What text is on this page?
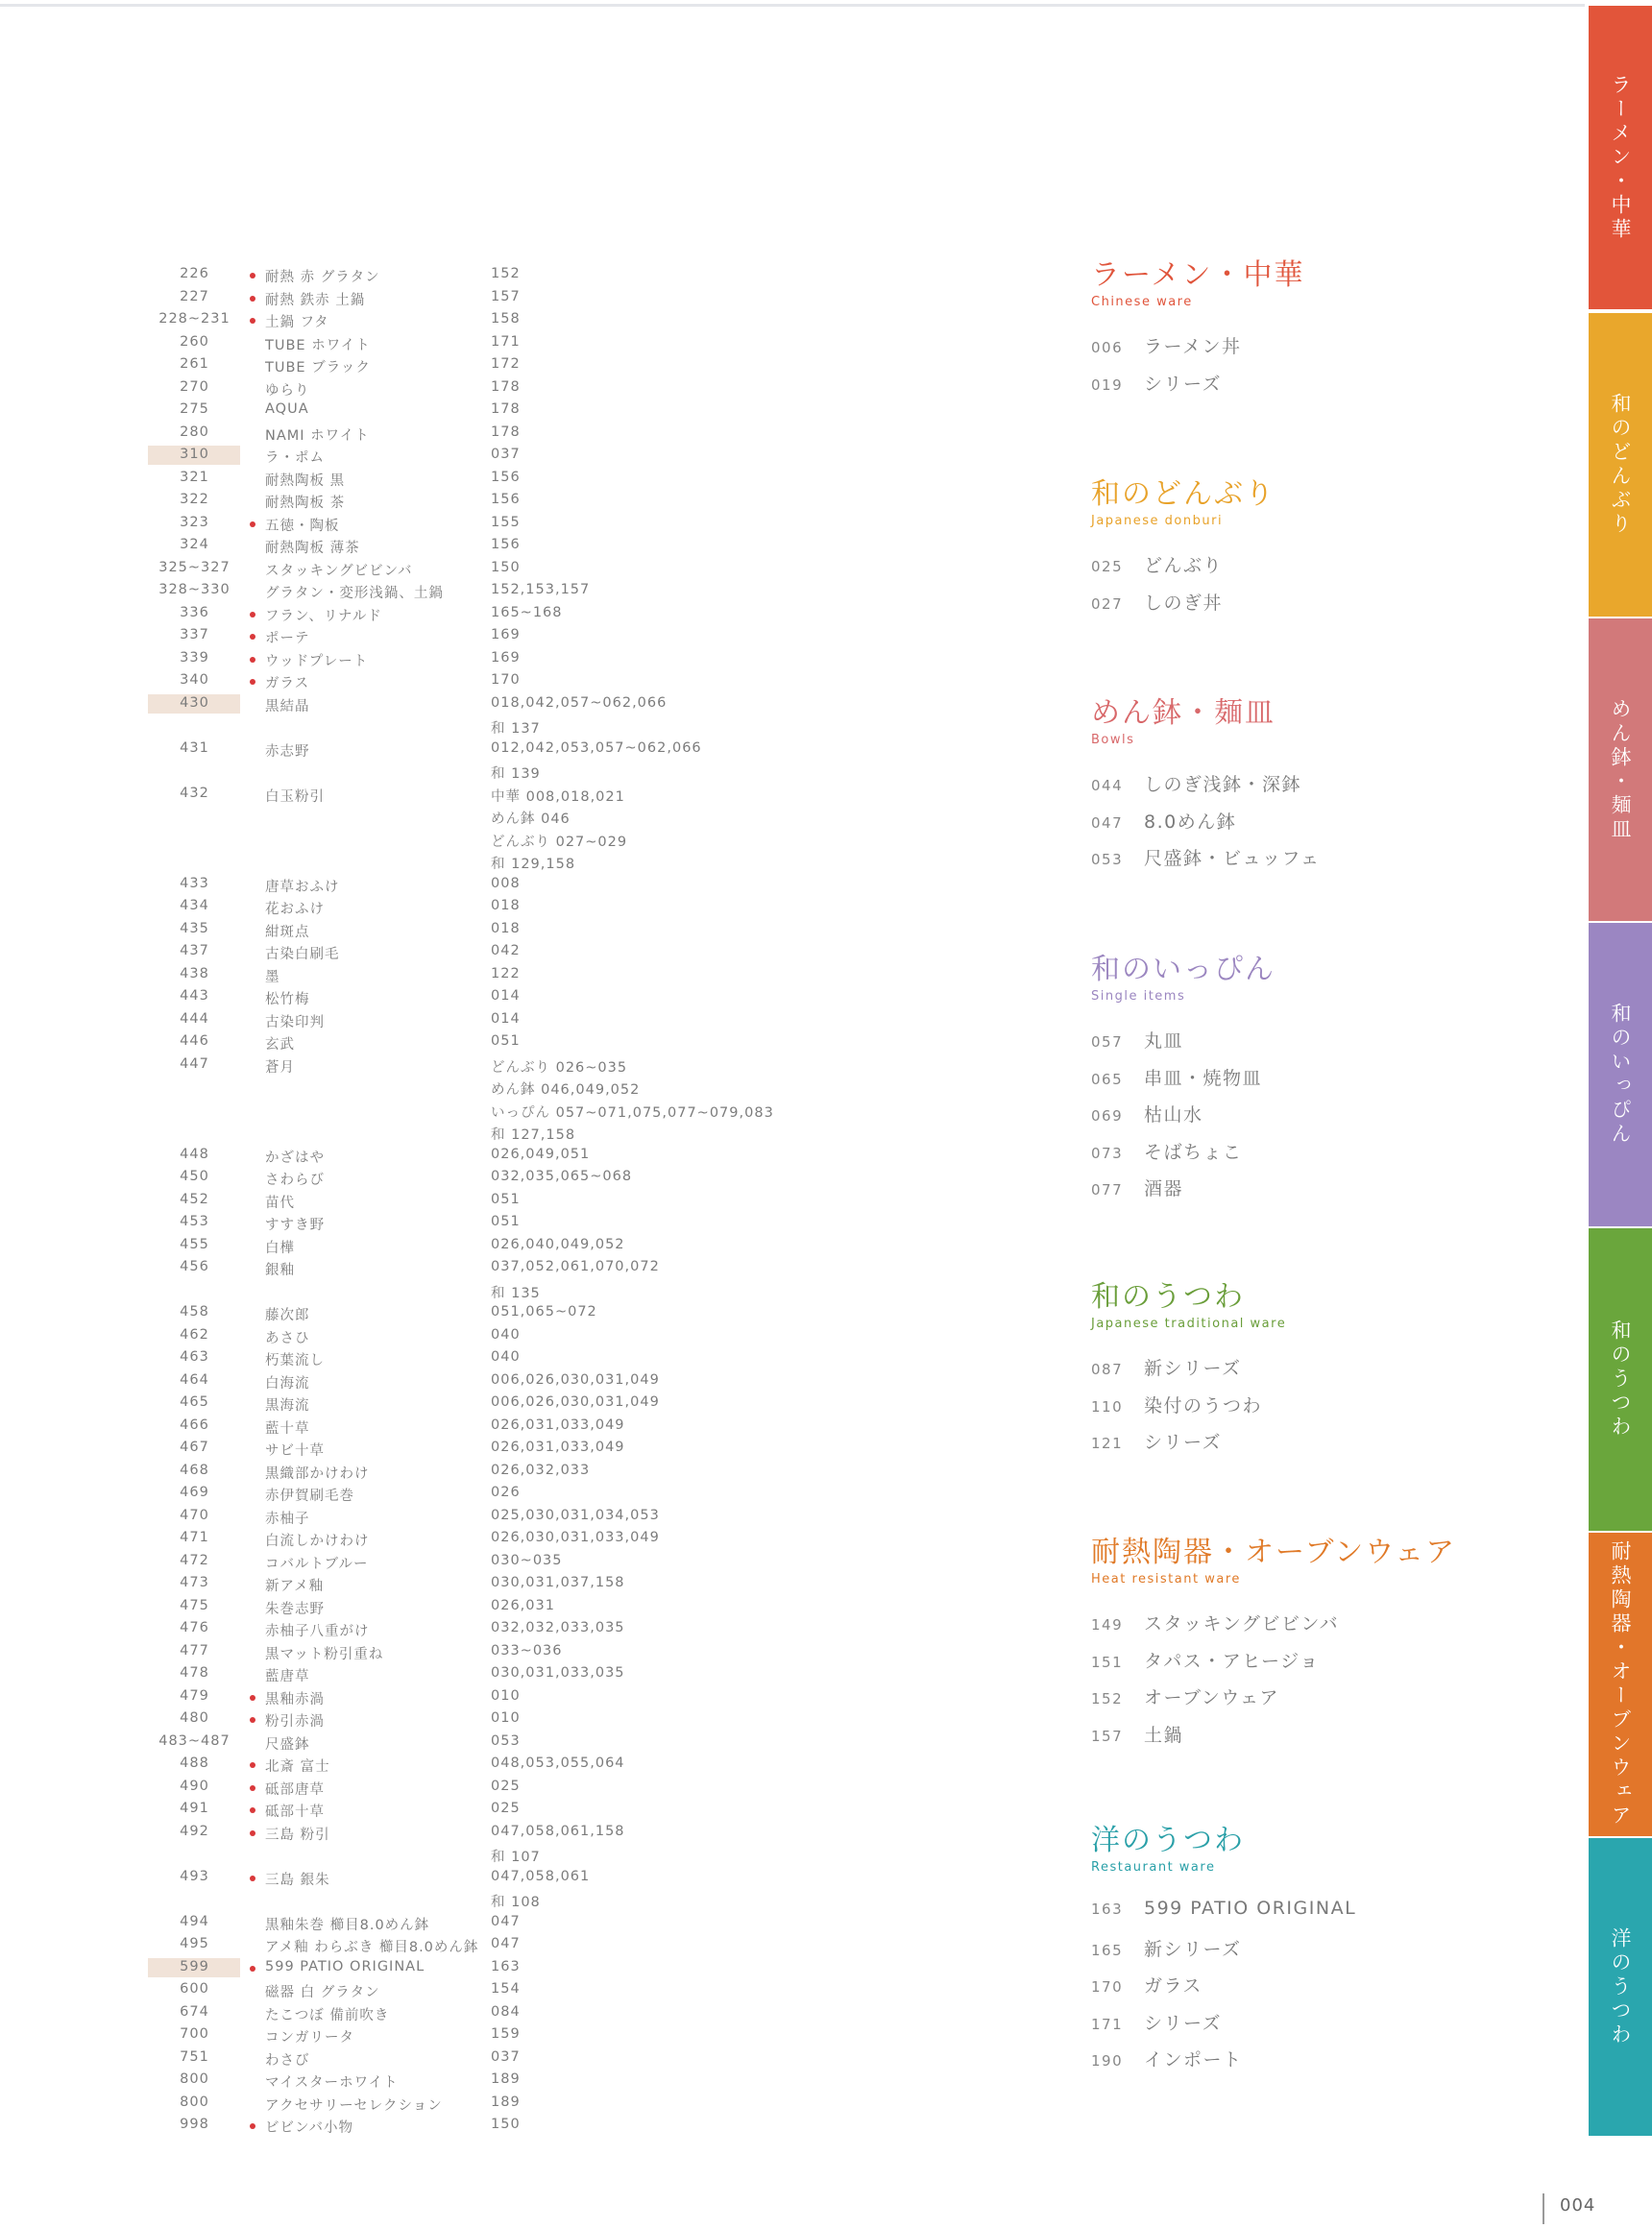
226	耐熱 赤 グラタン	152
227	耐熱 鉄赤 土鍋	157
228~231	土鍋 フタ	158
260	TUBE ホワイト	171
261	TUBE ブラック	172
270	ゆらり	178
275	AQUA	178
280	NAMI ホワイト	178
310	ラ・ポム	037
321	耐熱陶板 黒	156
322	耐熱陶板 茶	156
323	五徳・陶板	155
324	耐熱陶板 薄茶	156
325~327	スタッキングビビンバ	150
328~330	グラタン・変形浅鍋、土鍋	152,153,157
336	フラン、リナルド	165~168
337	ポーテ	169
339	ウッドプレート	169
340	ガラス	170
430	黒結晶	018,042,057~062,066
和 137
431	赤志野	012,042,053,057~062,066
和 139
432	白玉粉引	中華 008,018,021
めん鉢 046
どんぶり 027~029
和 129,158
433	唐草おふけ	008
434	花おふけ	018
435	紺斑点	018
437	古染白刷毛	042
438	墨	122
443	松竹梅	014
444	古染印判	014
446	玄武	051
447	蒼月	どんぶり 026~035
めん鉢 046,049,052
いっぴん 057~071,075,077~079,083
和 127,158
448	かざはや	026,049,051
450	さわらび	032,035,065~068
452	苗代	051
453	すすき野	051
455	白樺	026,040,049,052
456	銀釉	037,052,061,070,072
和 135
458	藤次郎	051,065~072
462	あさひ	040
463	朽葉流し	040
464	白海流	006,026,030,031,049
465	黒海流	006,026,030,031,049
466	藍十草	026,031,033,049
467	サビ十草	026,031,033,049
468	黒織部かけわけ	026,032,033
469	赤伊賀刷毛巻	026
470	赤柚子	025,030,031,034,053
471	白流しかけわけ	026,030,031,033,049
472	コバルトブルー	030~035
473	新アメ釉	030,031,037,158
475	朱巻志野	026,031
476	赤柚子八重がけ	032,032,033,035
477	黒マット粉引重ね	033~036
478	藍唐草	030,031,033,035
479	黒釉赤渦	010
480	粉引赤渦	010
483~487	尺盛鉢	053
488	北斎 富士	048,053,055,064
490	砥部唐草	025
491	砥部十草	025
492	三島 粉引	047,058,061,158
和 107
493	三島 銀朱	047,058,061
和 108
494	黒釉朱巻 櫛目8.0めん鉢	047
495	アメ釉 わらぶき 櫛目8.0めん鉢 047
599	599 PATIO ORIGINAL	163
600	磁器 白 グラタン	154
674	たこつぼ 備前吹き	084
700	コンガリータ	159
751	わさび	037
800	マイスターホワイト	189
800	アクセサリーセレクション	189
998	ビビンバ小物	150
ラーメン・中華
Chinese ware
006 ラーメン丼
019 シリーズ
和のどんぶり
Japanese donburi
025 どんぶり
027 しのぎ丼
めん鉢・麺皿
Bowls
044 しのぎ浅鉢・深鉢
047 8.0めん鉢
053 尺盛鉢・ビュッフェ
和のいっぴん
Single items
057 丸皿
065 串皿・焼物皿
069 枯山水
073 そばちょこ
077 酒器
和のうつわ
Japanese traditional ware
087 新シリーズ
110 染付のうつわ
121 シリーズ
耐熱陶器・オーブンウェア
Heat resistant ware
149 スタッキングビビンバ
151 タパス・アヒージョ
152 オーブンウェア
157 土鍋
洋のうつわ
Restaurant ware
163 599 PATIO ORIGINAL
165 新シリーズ
170 ガラス
171 シリーズ
190 インポート
ラーメン・中華
和のどんぶり
めん鉢・麺皿
和のいっぴん
和のうつわ
耐熱陶器・オーブンウェア
洋のうつわ
004
